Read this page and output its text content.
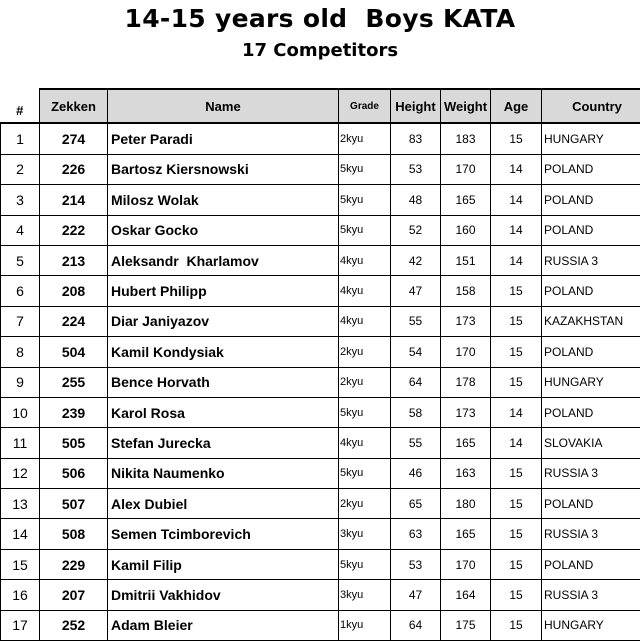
14-15 years old  Boys KATA
17 Competitors
#	Zekken	Name	Grade	Height	Weight	Age	Country
1	274	Peter Paradi	2kyu	83	183	15	HUNGARY
2	226	Bartosz Kiersnowski	5kyu	53	170	14	POLAND
3	214	Milosz Wolak	5kyu	48	165	14	POLAND
4	222	Oskar Gocko	5kyu	52	160	14	POLAND
5	213	Aleksandr  Kharlamov	4kyu	42	151	14	RUSSIA 3
6	208	Hubert Philipp	4kyu	47	158	15	POLAND
7	224	Diar Janiyazov	4kyu	55	173	15	KAZAKHSTAN
8	504	Kamil Kondysiak	2kyu	54	170	15	POLAND
9	255	Bence Horvath	2kyu	64	178	15	HUNGARY
10	239	Karol Rosa	5kyu	58	173	14	POLAND
11	505	Stefan Jurecka	4kyu	55	165	14	SLOVAKIA
12	506	Nikita Naumenko	5kyu	46	163	15	RUSSIA 3
13	507	Alex Dubiel	2kyu	65	180	15	POLAND
14	508	Semen Tcimborevich	3kyu	63	165	15	RUSSIA 3
15	229	Kamil Filip	5kyu	53	170	15	POLAND
16	207	Dmitrii Vakhidov	3kyu	47	164	15	RUSSIA 3
17	252	Adam Bleier	1kyu	64	175	15	HUNGARY
